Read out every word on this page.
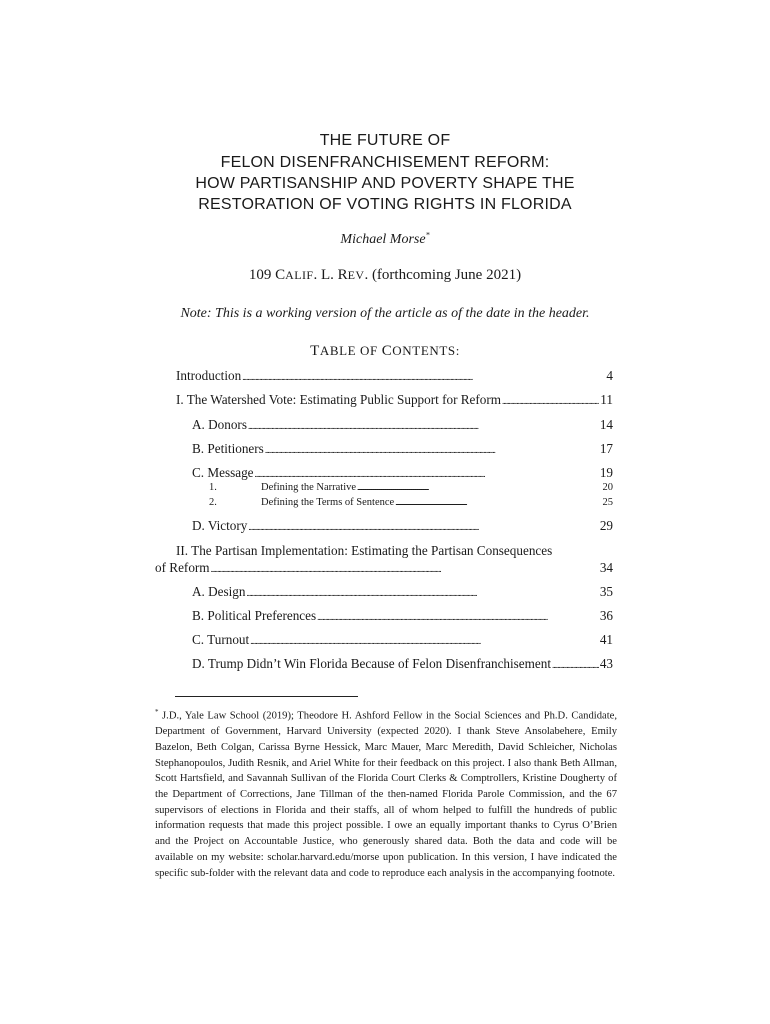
THE FUTURE OF
FELON DISENFRANCHISEMENT REFORM:
HOW PARTISANSHIP AND POVERTY SHAPE THE
RESTORATION OF VOTING RIGHTS IN FLORIDA
Michael Morse*
109 CALIF. L. REV. (forthcoming June 2021)
Note: This is a working version of the article as of the date in the header.
TABLE OF CONTENTS:
Introduction . . .	4
I. The Watershed Vote: Estimating Public Support for Reform . . .	11
A. Donors . . .	14
B. Petitioners . . .	17
C. Message . . .	19
1.	Defining the Narrative . . .	20
2.	Defining the Terms of Sentence . . .	25
D. Victory . . .	29
II. The Partisan Implementation: Estimating the Partisan Consequences
of Reform . . .	34
A. Design . . .	35
B. Political Preferences . . .	36
C. Turnout . . .	41
D. Trump Didn’t Win Florida Because of Felon Disenfranchisement . . .	43
* J.D., Yale Law School (2019); Theodore H. Ashford Fellow in the Social Sciences and Ph.D. Candidate, Department of Government, Harvard University (expected 2020). I thank Steve Ansolabehere, Emily Bazelon, Beth Colgan, Carissa Byrne Hessick, Marc Mauer, Marc Meredith, David Schleicher, Nicholas Stephanopoulos, Judith Resnik, and Ariel White for their feedback on this project. I also thank Beth Allman, Scott Hartsfield, and Savannah Sullivan of the Florida Court Clerks & Comptrollers, Kristine Dougherty of the Department of Corrections, Jane Tillman of the then-named Florida Parole Commission, and the 67 supervisors of elections in Florida and their staffs, all of whom helped to fulfill the hundreds of public information requests that made this project possible. I owe an equally important thanks to Cyrus O’Brien and the Project on Accountable Justice, who generously shared data. Both the data and code will be available on my website: scholar.harvard.edu/morse upon publication. In this version, I have indicated the specific sub-folder with the relevant data and code to reproduce each analysis in the accompanying footnote.
